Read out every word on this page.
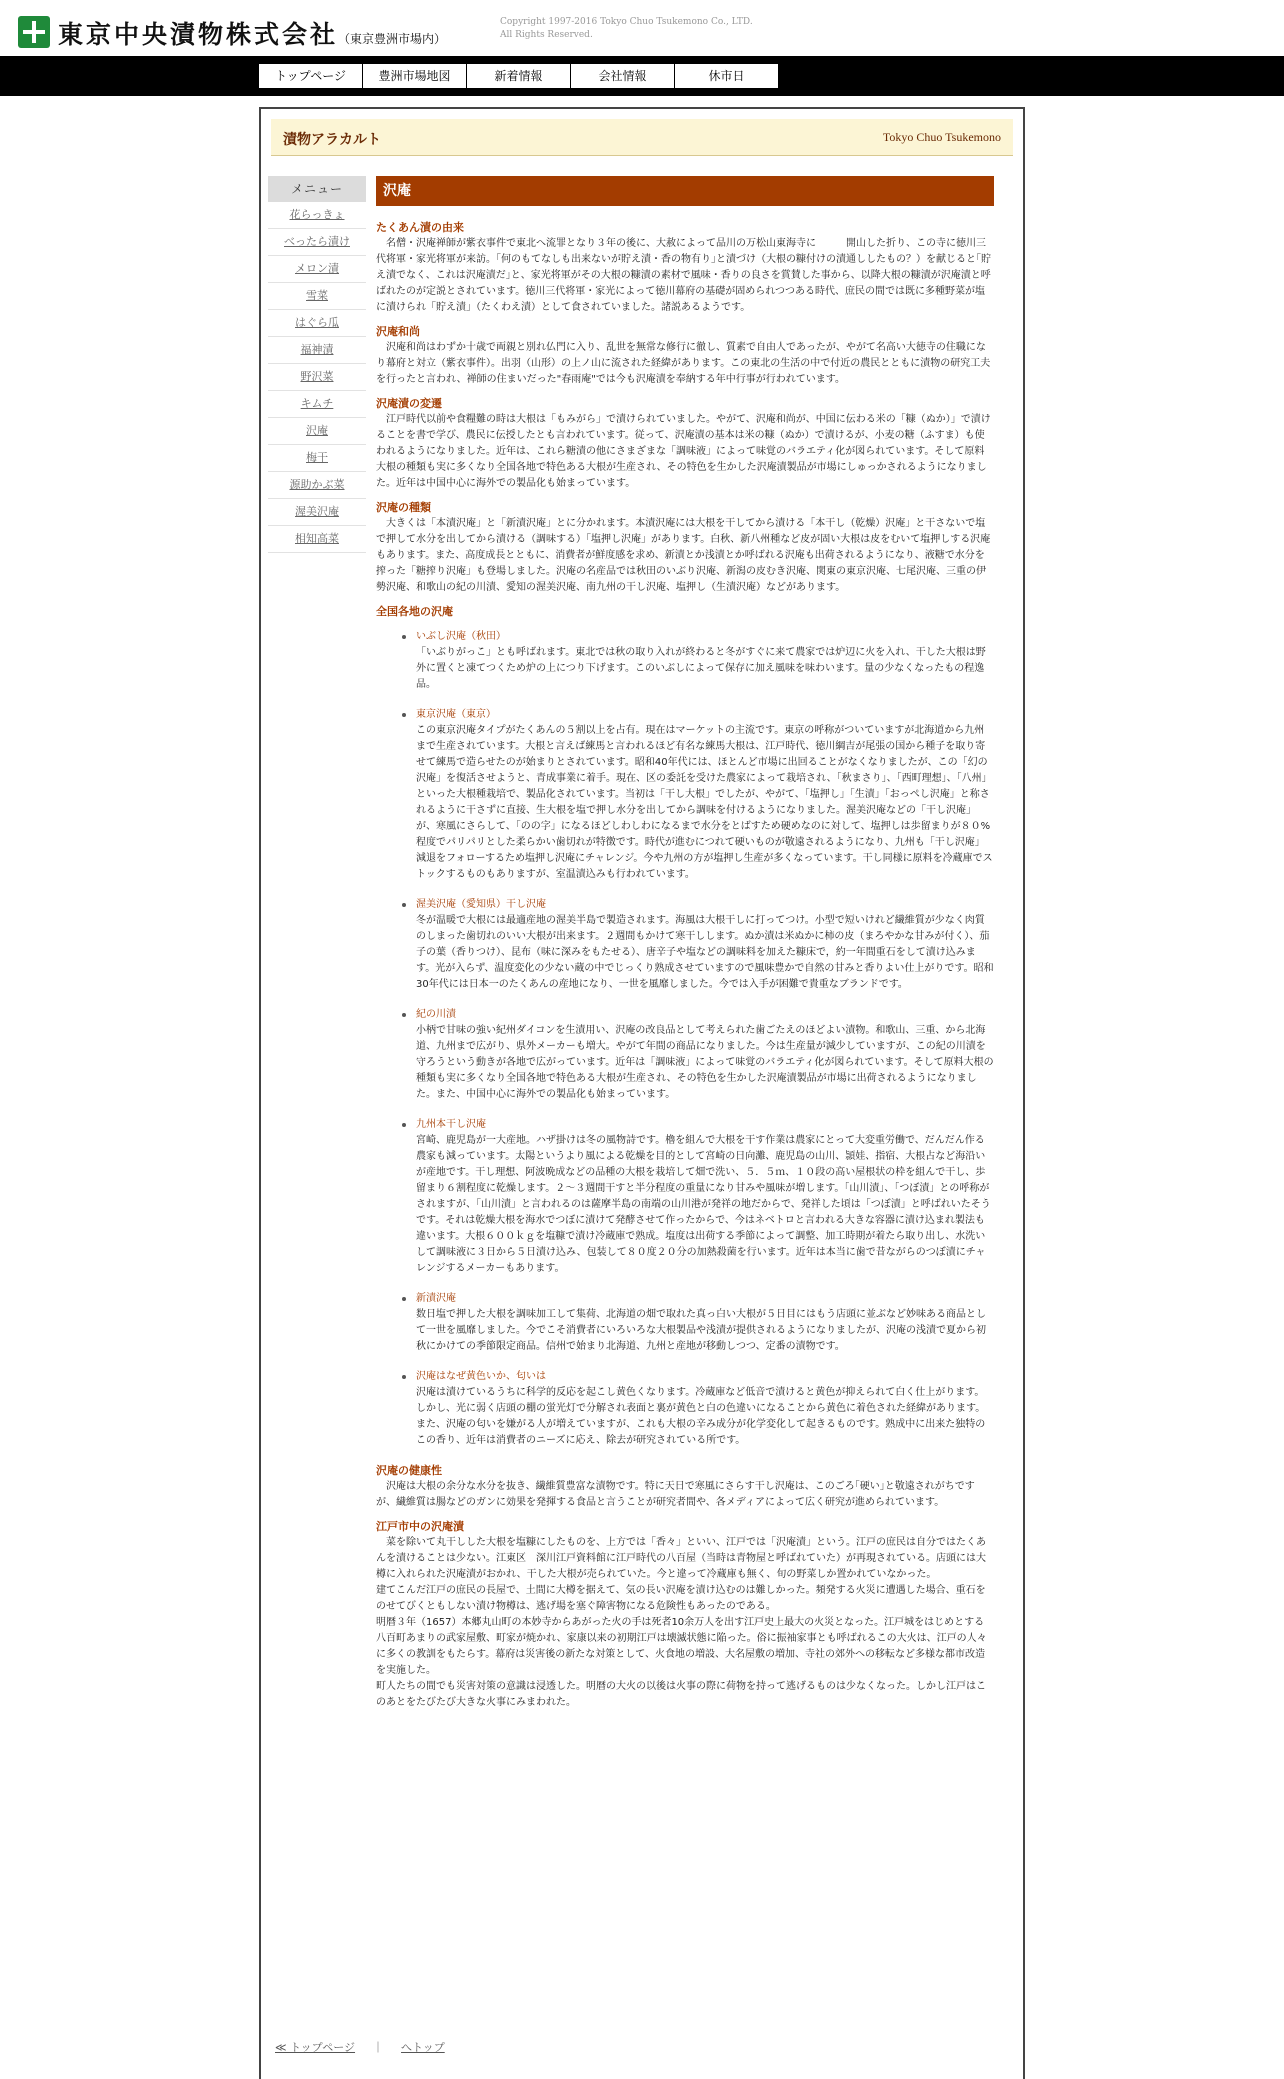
東京中央漬物株式会社（東京豊洲市場内）
Copyright 1997-2016 Tokyo Chuo Tsukemono Co., LTD.
All Rights Reserved.
トップページ	豊洲市場地図	新着情報	会社情報	休市日
漬物アラカルト	Tokyo Chuo Tsukemono
メニュー
花らっきょ
べったら漬け
メロン漬
雪菜
はぐら瓜
福神漬
野沢菜
キムチ
沢庵
梅干
源助かぶ菜
渥美沢庵
相知高菜
沢庵
たくあん漬の由来

　名僧・沢庵禅師が紫衣事件で東北へ流罪となり３年の後に、大赦によって品川の万松山東海寺に　　　開山した折り、この寺に徳川三代将軍・家光将軍が来訪。｢何のもてなしも出来ないが貯え漬・香の物有り｣と漬づけ（大根の糠付けの漬通ししたもの？）を献じると｢貯え漬でなく、これは沢庵漬だ｣と、家光将軍がその大根の糠漬の素材で風味・香りの良さを賞賛した事から、以降大根の糠漬が沢庵漬と呼ばれたのが定説とされています。徳川三代将軍・家光によって徳川幕府の基礎が固められつつある時代、庶民の間では既に多種野菜が塩に漬けられ「貯え漬」（たくわえ漬）として食されていました。諸説あるようです。

沢庵和尚

　沢庵和尚はわずか十歳で両親と別れ仏門に入り、乱世を無常な修行に徹し、質素で自由人であったが、やがて名高い大徳寺の住職になり幕府と対立（紫衣事件）。出羽（山形）の上ノ山に流された経緯があります。この東北の生活の中で付近の農民とともに漬物の研究工夫を行ったと言われ、禅師の住まいだった"春雨庵"では今も沢庵漬を奉納する年中行事が行われています。

沢庵漬の変遷

　江戸時代以前や食糧難の時は大根は「もみがら」で漬けられていました。やがて、沢庵和尚が、中国に伝わる米の「糠（ぬか）」で漬けることを書で学び、農民に伝授したとも言われています。従って、沢庵漬の基本は米の糠（ぬか）で漬けるが、小麦の糖（ふすま）も使われるようになりました。近年は、これら糖漬の他にさまざまな「調味液」によって味覚のバラエティ化が図られています。そして原料大根の種類も実に多くなり全国各地で特色ある大根が生産され、その特色を生かした沢庵漬製品が市場にしゅっかされるようになりました。近年は中国中心に海外での製品化も始まっています。

沢庵の種類

　大きくは「本漬沢庵」と「新漬沢庵」とに分かれます。本漬沢庵には大根を干してから漬ける「本干し（乾燥）沢庵」と干さないで塩で押して水分を出してから漬ける（調味する）「塩押し沢庵」があります。白秋、新八州種など皮が固い大根は皮をむいて塩押しする沢庵もあります。また、高度成長とともに、消費者が鮮度感を求め、新漬とか浅漬とか呼ばれる沢庵も出荷されるようになり、液糖で水分を搾った「糖搾り沢庵」も登場しました。沢庵の名産品では秋田のいぶり沢庵、新潟の皮むき沢庵、関東の東京沢庵、七尾沢庵、三重の伊勢沢庵、和歌山の紀の川漬、愛知の渥美沢庵、南九州の干し沢庵、塩押し（生漬沢庵）などがあります。

全国各地の沢庵
いぶし沢庵（秋田）
「いぶりがっこ」とも呼ばれます。東北では秋の取り入れが終わると冬がすぐに来て農家では炉辺に火を入れ、干した大根は野外に置くと凍てつくため炉の上につり下げます。このいぶしによって保存に加え風味を味わいます。量の少なくなったもの程逸品。
東京沢庵（東京）
この東京沢庵タイプがたくあんの５割以上を占有。現在はマーケットの主流です。東京の呼称がついていますが北海道から九州まで生産されています。大根と言えば練馬と言われるほど有名な練馬大根は、江戸時代、徳川綱吉が尾張の国から種子を取り寄せて練馬で造らせたのが始まりとされています。昭和40年代には、ほとんど市場に出回ることがなくなりましたが、この「幻の沢庵」を復活させようと、青成事業に着手。現在、区の委託を受けた農家によって栽培され、「秋まさり」、「西町理想」、「八州」といった大根種栽培で、製品化されています。当初は「干し大根」でしたが、やがて、「塩押し」「生漬」「おっぺし沢庵」と称されるように干さずに直接、生大根を塩で押し水分を出してから調味を付けるようになりました。渥美沢庵などの「干し沢庵」が、寒風にさらして、「のの字」になるほどしわしわになるまで水分をとばすため硬めなのに対して、塩押しは歩留まりが８０%程度でパリパリとした柔らかい歯切れが特徴です。時代が進むにつれて硬いものが敬遠されるようになり、九州も「干し沢庵」減退をフォローするため塩押し沢庵にチャレンジ。今や九州の方が塩押し生産が多くなっています。干し同様に原料を冷蔵庫でストックするものもありますが、室温漬込みも行われています。
渥美沢庵（愛知県）干し沢庵
冬が温暖で大根には最適産地の渥美半島で製造されます。海風は大根干しに打ってつけ。小型で短いけれど繊維質が少なく肉質のしまった歯切れのいい大根が出来ます。２週間もかけて寒干しします。ぬか漬は米ぬかに柿の皮（まろやかな甘みが付く）、茄子の葉（香りつけ）、昆布（味に深みをもたせる）、唐辛子や塩などの調味料を加えた糠床で，約一年間重石をして漬け込みます。光が入らず、温度変化の少ない蔵の中でじっくり熟成させていますので風味豊かで自然の甘みと香りよい仕上がりです。昭和30年代には日本一のたくあんの産地になり、一世を風靡しました。今では入手が困難で貴重なブランドです。
紀の川漬
小柄で甘味の強い紀州ダイコンを生漬用い、沢庵の改良品として考えられた歯ごたえのほどよい漬物。和歌山、三重、から北海道、九州まで広がり、県外メーカーも増大。やがて年間の商品になりました。今は生産量が減少していますが、この紀の川漬を守ろうという動きが各地で広がっています。近年は「調味液」によって味覚のバラエティ化が図られています。そして原料大根の種類も実に多くなり全国各地で特色ある大根が生産され、その特色を生かした沢庵漬製品が市場に出荷されるようになりました。また、中国中心に海外での製品化も始まっています。
九州本干し沢庵
宮崎、鹿児島が一大産地。ハザ掛けは冬の風物詩です。櫓を組んで大根を干す作業は農家にとって大変重労働で、だんだん作る農家も減っています。太陽というより風による乾燥を目的として宮崎の日向灘、鹿児島の山川、頴娃、指宿、大根占など海沿いが産地です。干し理想、阿波晩成などの品種の大根を栽培して畑で洗い、５．５ｍ、１０段の高い屋根状の枠を組んで干し、歩留まり６割程度に乾燥します。２～３週間干すと半分程度の重量になり甘みや風味が増します。｢山川漬｣、「つぼ漬」との呼称がされますが、「山川漬」と言われるのは薩摩半島の南端の山川港が発祥の地だからで、発祥した頃は「つぼ漬」と呼ばれいたそうです。それは乾燥大根を海水でつぼに漬けて発酵させて作ったからで、今はネベトロと言われる大きな容器に漬け込まれ製法も違います。大根６００ｋｇを塩糠で漬け冷蔵庫で熟成。塩度は出荷する季節によって調整、加工時期が着たら取り出し、水洗いして調味液に３日から５日漬け込み、包装して８０度２０分の加熱殺菌を行います。近年は本当に歯で昔ながらのつぼ漬にチャレンジするメーカーもあります。
新漬沢庵
数日塩で押した大根を調味加工して集荷、北海道の畑で取れた真っ白い大根が５日目にはもう店頭に並ぶなど妙味ある商品として一世を風靡しました。今でこそ消費者にいろいろな大根製品や浅漬が提供されるようになりましたが、沢庵の浅漬で夏から初秋にかけての季節限定商品。信州で始まり北海道、九州と産地が移動しつつ、定番の漬物です。
沢庵はなぜ黄色いか、匂いは
沢庵は漬けているうちに科学的反応を起こし黄色くなります。冷蔵庫など低音で漬けると黄色が抑えられて白く仕上がります。しかし、光に弱く店頭の棚の蛍光灯で分解され表面と裏が黄色と白の色違いになることから黄色に着色された経緯があります。また、沢庵の匂いを嫌がる人が増えていますが、これも大根の辛み成分が化学変化して起きるものです。熟成中に出来た独特のこの香り、近年は消費者のニーズに応え、除去が研究されている所です。
沢庵の健康性

　沢庵は大根の余分な水分を抜き、繊維質豊富な漬物です。特に天日で寒風にさらす干し沢庵は、このごろ｢硬い｣と敬遠されがちですが、繊維質は腸などのガンに効果を発揮する食品と言うことが研究者間や、各メディアによって広く研究が進められています。

江戸市中の沢庵漬

　菜を除いて丸干しした大根を塩糠にしたものを、上方では「香々」といい、江戸では「沢庵漬」という。江戸の庶民は自分ではたくあんを漬けることは少ない。江東区　深川江戸資料館に江戸時代の八百屋（当時は青物屋と呼ばれていた）が再現されている。店頭には大樽に入れられた沢庵漬がおかれ、干した大根が売られていた。今と違って冷蔵庫も無く、旬の野菜しか置かれていなかった。

建てこんだ江戸の庶民の長屋で、土間に大樽を据えて、気の長い沢庵を漬け込むのは難しかった。頻発する火災に遭遇した場合、重石をのせてびくともしない漬け物樽は、逃げ場を塞ぐ障害物になる危険性もあったのである。

明暦３年（1657）本郷丸山町の本妙寺からあがった火の手は死者10余万人を出す江戸史上最大の火災となった。江戸城をはじめとする八百町あまりの武家屋敷、町家が焼かれ、家康以来の初期江戸は壊滅状態に陥った。俗に振袖家事とも呼ばれるこの大火は、江戸の人々に多くの教訓をもたらす。幕府は災害後の新たな対策として、火食地の増設、大名屋敷の増加、寺社の郊外への移転など多様な都市改造を実施した。

町人たちの間でも災害対策の意識は浸透した。明暦の大火の以後は火事の際に荷物を持って逃げるものは少なくなった。しかし江戸はこのあとをたびたび大きな火事にみまわれた。

≪ トップページ ｜ へトップ
